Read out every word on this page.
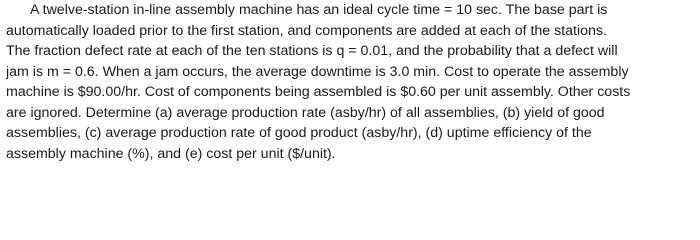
A twelve-station in-line assembly machine has an ideal cycle time = 10 sec. The base part is
automatically loaded prior to the first station, and components are added at each of the stations.
The fraction defect rate at each of the ten stations is q = 0.01, and the probability that a defect will
jam is m = 0.6. When a jam occurs, the average downtime is 3.0 min. Cost to operate the assembly
machine is $90.00/hr. Cost of components being assembled is $0.60 per unit assembly. Other costs
are ignored. Determine (a) average production rate (asby/hr) of all assemblies, (b) yield of good
assemblies, (c) average production rate of good product (asby/hr), (d) uptime efficiency of the
assembly machine (%), and (e) cost per unit ($/unit).
